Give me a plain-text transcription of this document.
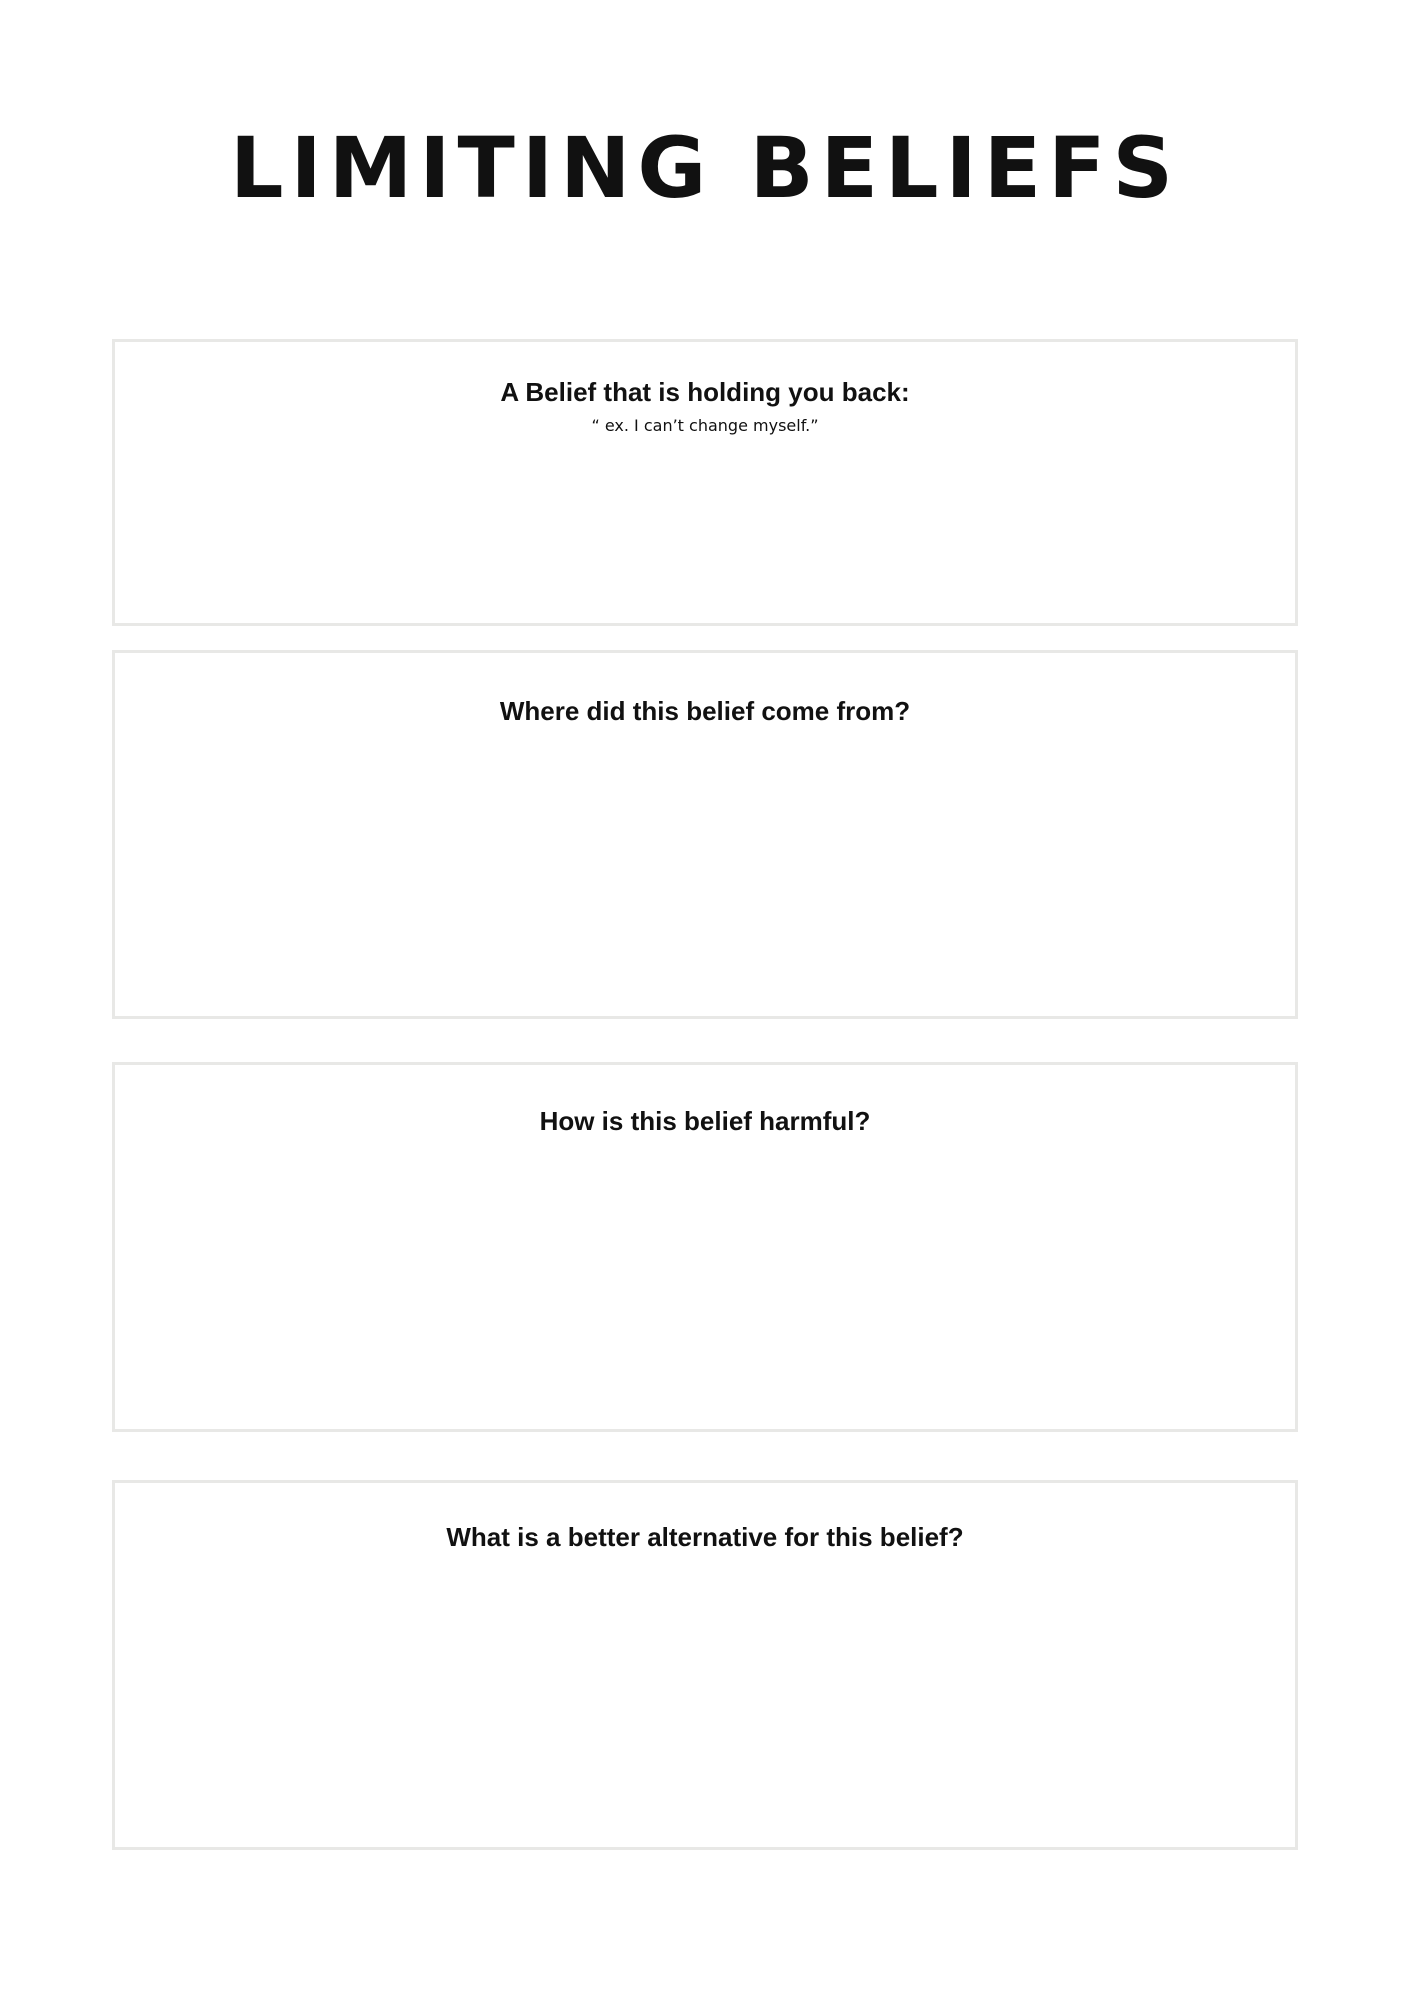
LIMITING BELIEFS
A Belief that is holding you back:
“ ex. I can’t change myself.”
Where did this belief come from?
How is this belief harmful?
What is a better alternative for this belief?
